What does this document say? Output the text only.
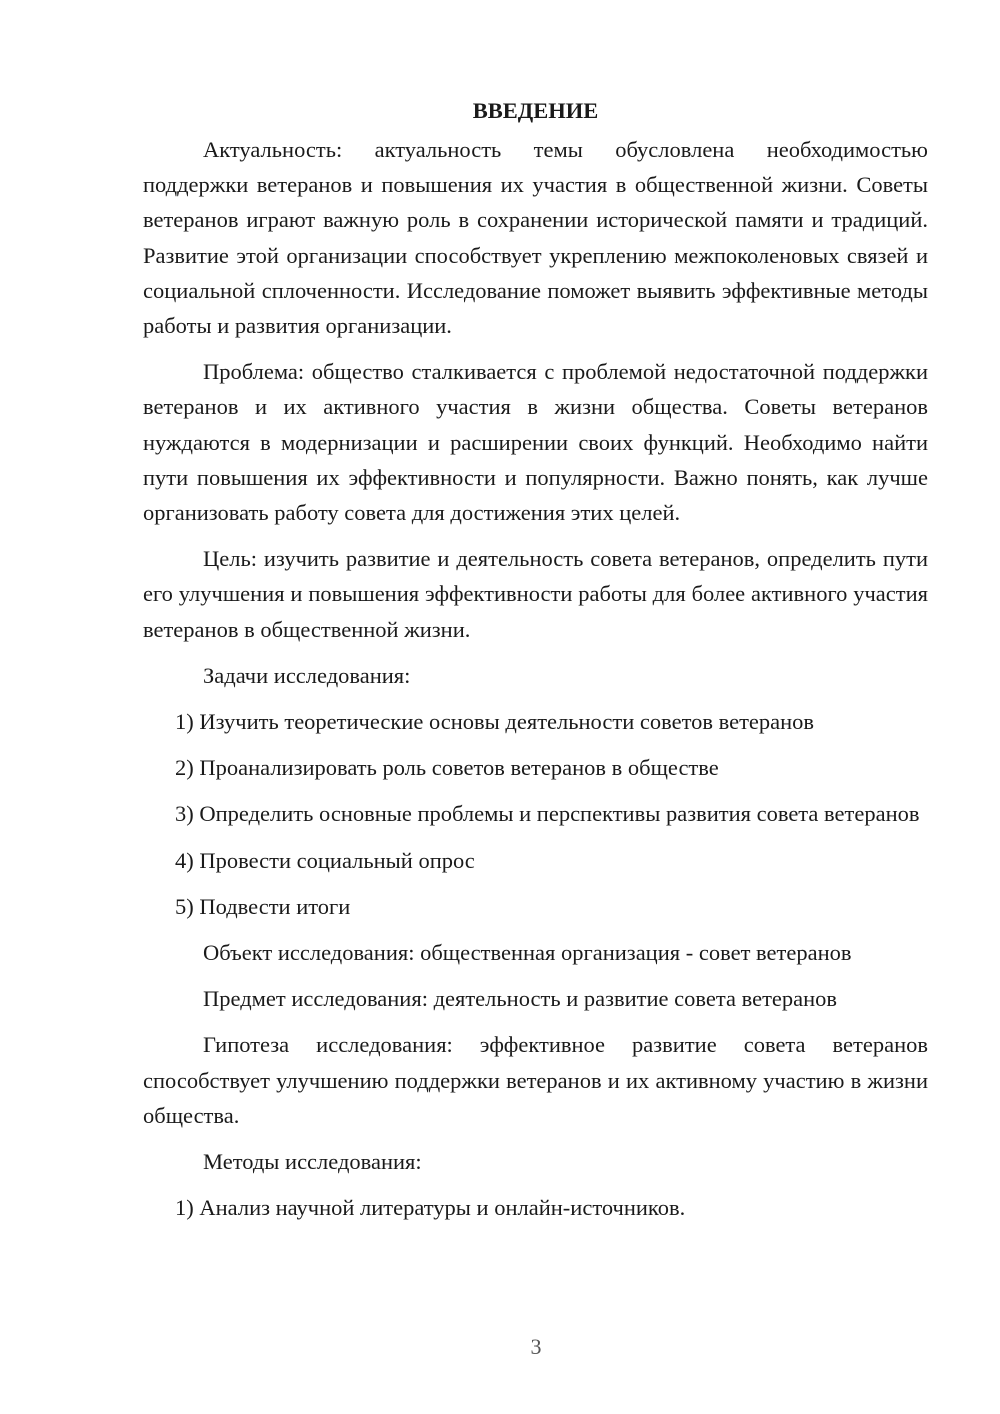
ВВЕДЕНИЕ

Актуальность: актуальность темы обусловлена необходимостью поддержки ветеранов и повышения их участия в общественной жизни. Советы ветеранов играют важную роль в сохранении исторической памяти и традиций. Развитие этой организации способствует укреплению межпоколеновых связей и социальной сплоченности. Исследование поможет выявить эффективные методы работы и развития организации.

Проблема: общество сталкивается с проблемой недостаточной поддержки ветеранов и их активного участия в жизни общества. Советы ветеранов нуждаются в модернизации и расширении своих функций. Необходимо найти пути повышения их эффективности и популярности. Важно понять, как лучше организовать работу совета для достижения этих целей.

Цель: изучить развитие и деятельность совета ветеранов, определить пути его улучшения и повышения эффективности работы для более активного участия ветеранов в общественной жизни.

Задачи исследования:

1) Изучить теоретические основы деятельности советов ветеранов

2) Проанализировать роль советов ветеранов в обществе

3) Определить основные проблемы и перспективы развития совета ветеранов

4) Провести социальный опрос

5) Подвести итоги

Объект исследования: общественная организация - совет ветеранов

Предмет исследования: деятельность и развитие совета ветеранов

Гипотеза исследования: эффективное развитие совета ветеранов способствует улучшению поддержки ветеранов и их активному участию в жизни общества.

Методы исследования:

1) Анализ научной литературы и онлайн-источников.

3
